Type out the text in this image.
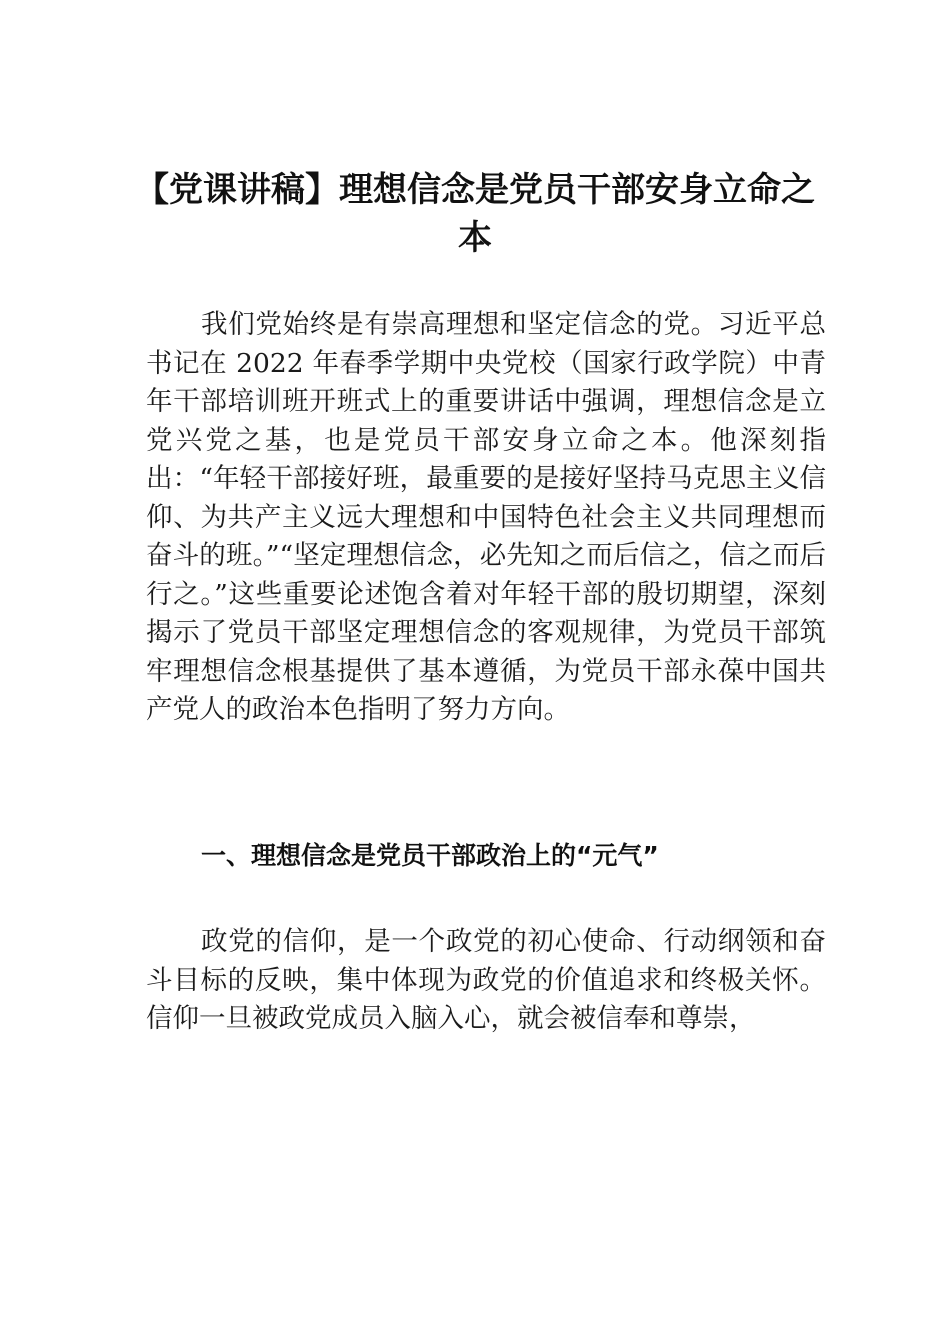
【党课讲稿】理想信念是党员干部安身立命之本

我们党始终是有崇高理想和坚定信念的党。习近平总书记在 2022 年春季学期中央党校（国家行政学院）中青年干部培训班开班式上的重要讲话中强调，理想信念是立党兴党之基，也是党员干部安身立命之本。他深刻指出：“年轻干部接好班，最重要的是接好坚持马克思主义信仰、为共产主义远大理想和中国特色社会主义共同理想而奋斗的班。”“坚定理想信念，必先知之而后信之，信之而后行之。”这些重要论述饱含着对年轻干部的殷切期望，深刻揭示了党员干部坚定理想信念的客观规律，为党员干部筑牢理想信念根基提供了基本遵循，为党员干部永葆中国共产党人的政治本色指明了努力方向。

一、理想信念是党员干部政治上的“元气”

政党的信仰，是一个政党的初心使命、行动纲领和奋斗目标的反映，集中体现为政党的价值追求和终极关怀。信仰一旦被政党成员入脑入心，就会被信奉和尊崇，
